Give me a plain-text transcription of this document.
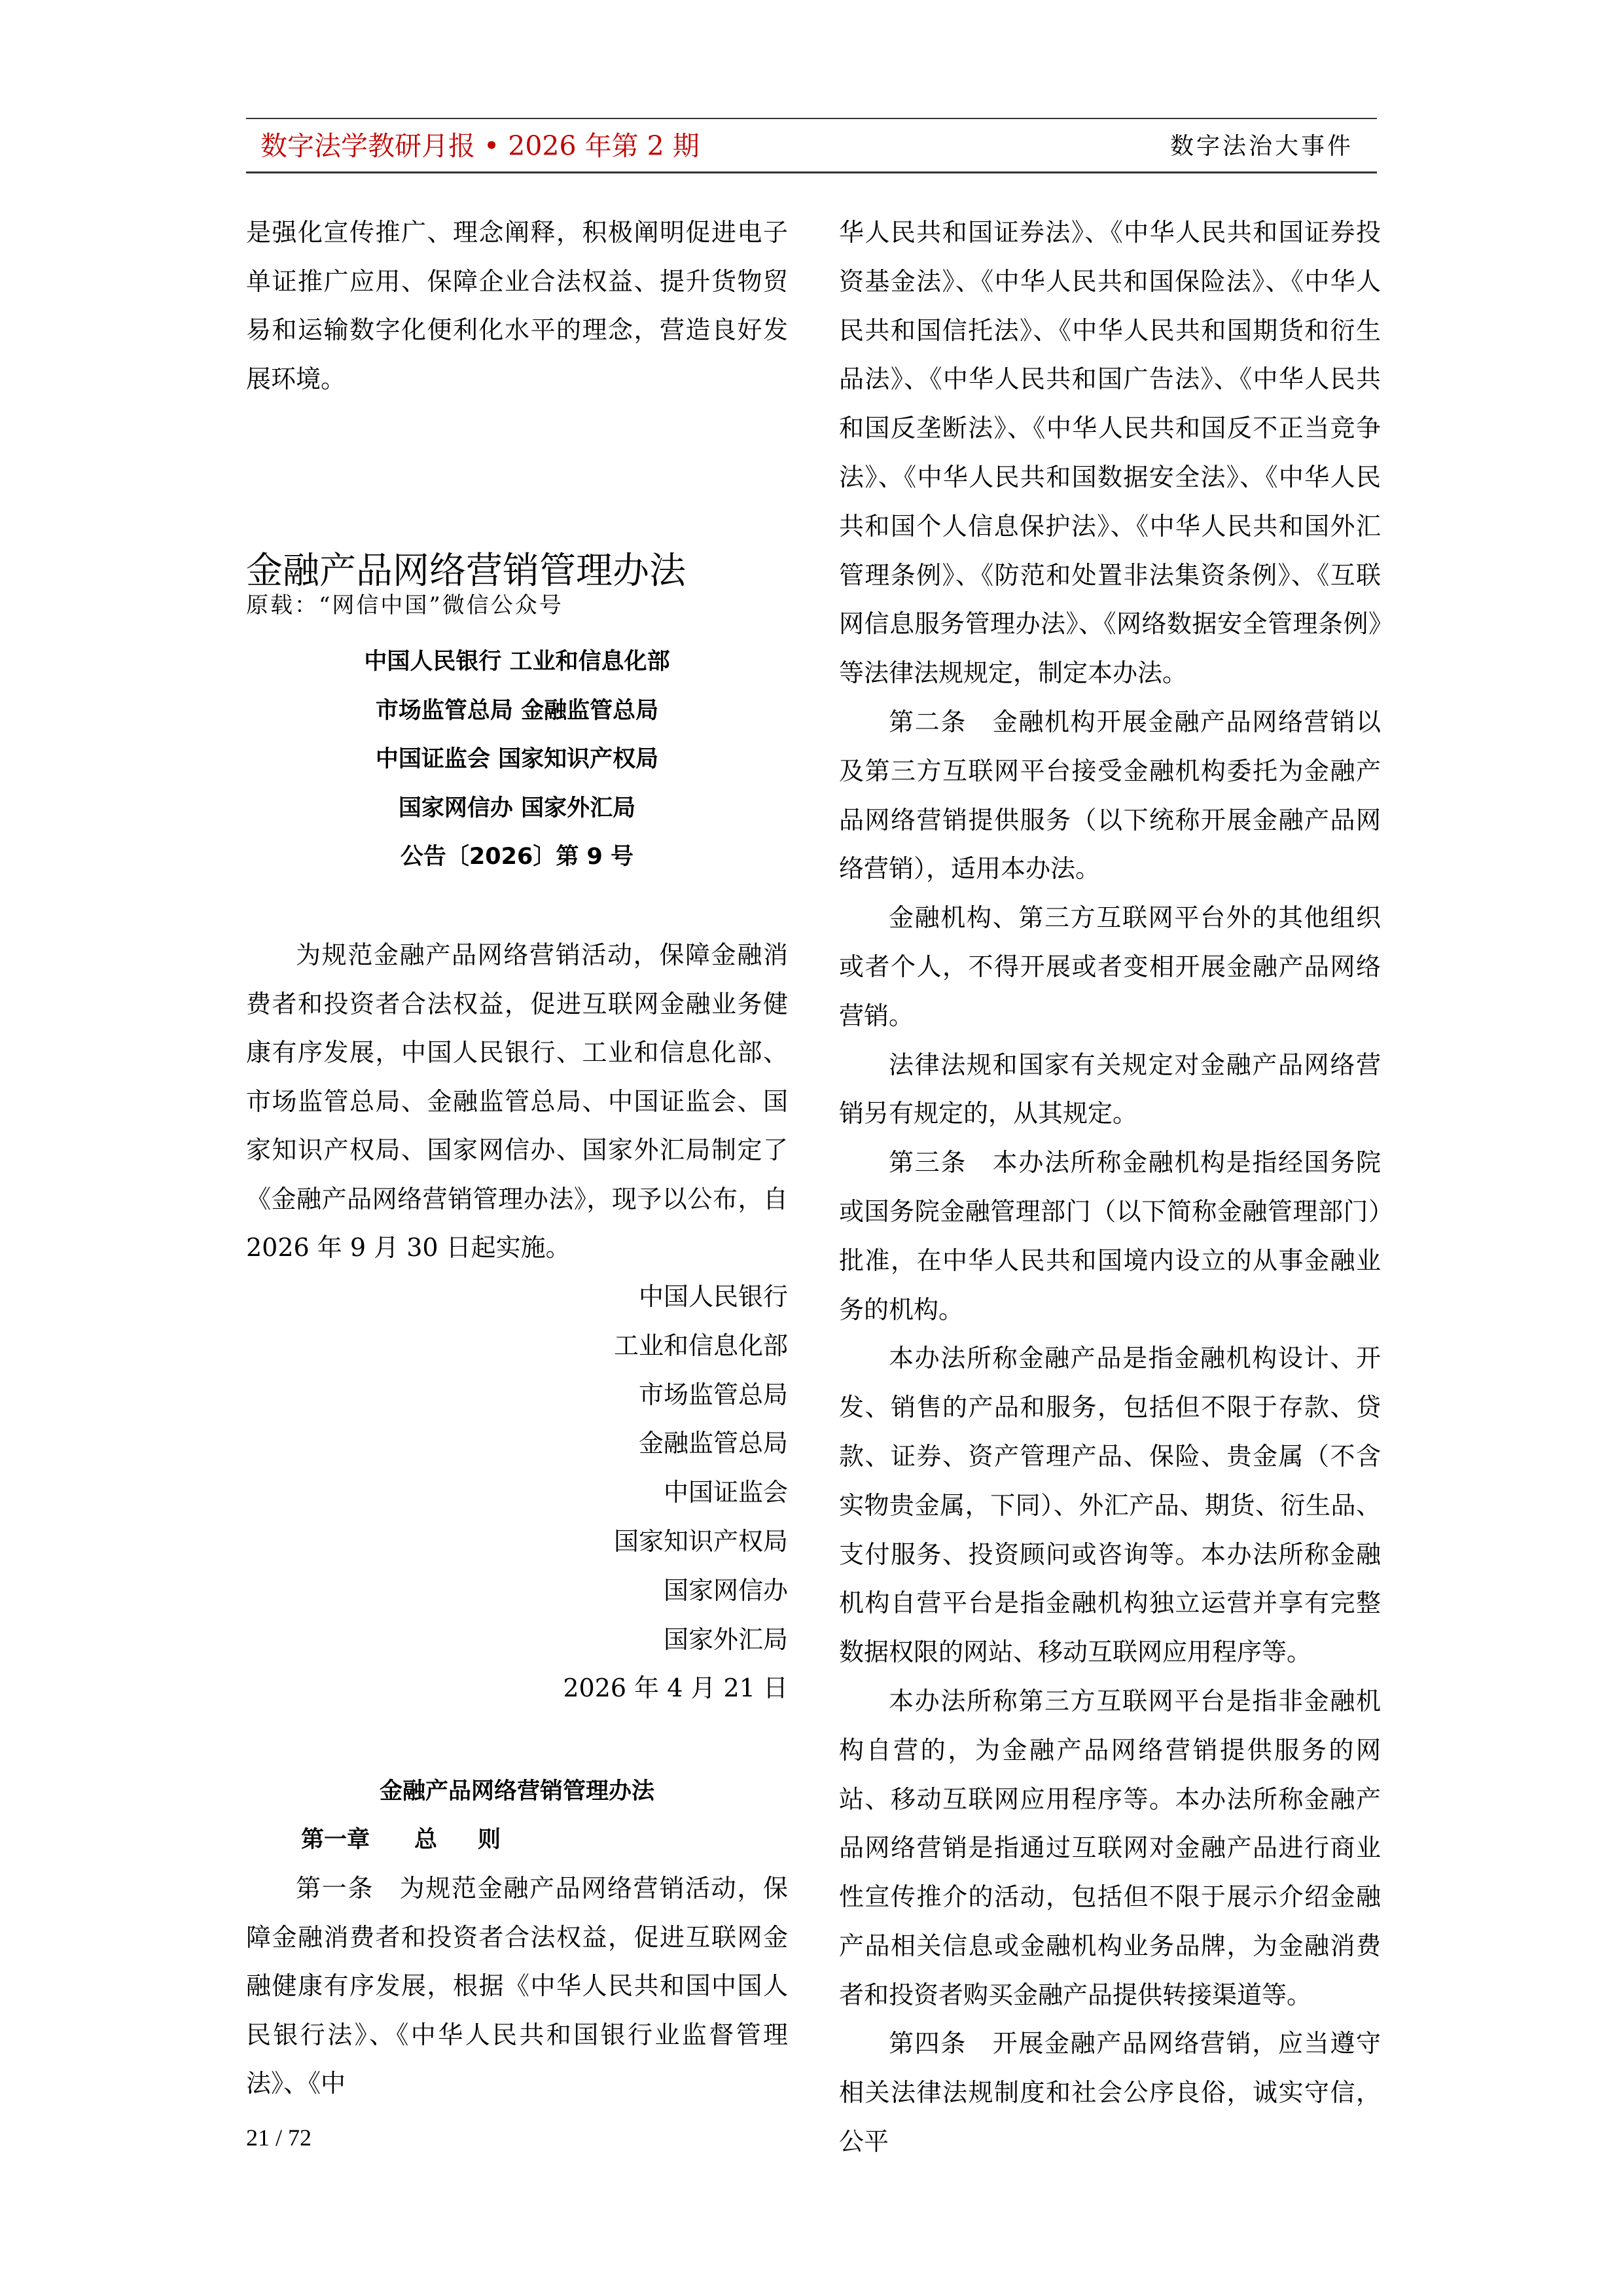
数字法学教研月报 • 2026 年第 2 期	数字法治大事件

是强化宣传推广、理念阐释，积极阐明促进电子单证推广应用、保障企业合法权益、提升货物贸易和运输数字化便利化水平的理念，营造良好发展环境。

金融产品网络营销管理办法
原载：“网信中国”微信公众号

中国人民银行 工业和信息化部

市场监管总局 金融监管总局

中国证监会 国家知识产权局

国家网信办 国家外汇局

公告〔2026〕第 9 号

为规范金融产品网络营销活动，保障金融消费者和投资者合法权益，促进互联网金融业务健康有序发展，中国人民银行、工业和信息化部、市场监管总局、金融监管总局、中国证监会、国家知识产权局、国家网信办、国家外汇局制定了《金融产品网络营销管理办法》，现予以公布，自 2026 年 9 月 30 日起实施。

中国人民银行

工业和信息化部

市场监管总局

金融监管总局

中国证监会

国家知识产权局

国家网信办

国家外汇局

2026 年 4 月 21 日

金融产品网络营销管理办法
第一章 总则

第一条　为规范金融产品网络营销活动，保障金融消费者和投资者合法权益，促进互联网金融健康有序发展，根据《中华人民共和国中国人民银行法》、《中华人民共和国银行业监督管理法》、《中

华人民共和国证券法》、《中华人民共和国证券投资基金法》、《中华人民共和国保险法》、《中华人民共和国信托法》、《中华人民共和国期货和衍生品法》、《中华人民共和国广告法》、《中华人民共和国反垄断法》、《中华人民共和国反不正当竞争法》、《中华人民共和国数据安全法》、《中华人民共和国个人信息保护法》、《中华人民共和国外汇管理条例》、《防范和处置非法集资条例》、《互联网信息服务管理办法》、《网络数据安全管理条例》等法律法规规定，制定本办法。

第二条　金融机构开展金融产品网络营销以及第三方互联网平台接受金融机构委托为金融产品网络营销提供服务（以下统称开展金融产品网络营销），适用本办法。

金融机构、第三方互联网平台外的其他组织或者个人，不得开展或者变相开展金融产品网络营销。

法律法规和国家有关规定对金融产品网络营销另有规定的，从其规定。

第三条　本办法所称金融机构是指经国务院或国务院金融管理部门（以下简称金融管理部门）批准，在中华人民共和国境内设立的从事金融业务的机构。

本办法所称金融产品是指金融机构设计、开发、销售的产品和服务，包括但不限于存款、贷款、证券、资产管理产品、保险、贵金属（不含实物贵金属，下同）、外汇产品、期货、衍生品、支付服务、投资顾问或咨询等。本办法所称金融机构自营平台是指金融机构独立运营并享有完整数据权限的网站、移动互联网应用程序等。

本办法所称第三方互联网平台是指非金融机构自营的，为金融产品网络营销提供服务的网站、移动互联网应用程序等。本办法所称金融产品网络营销是指通过互联网对金融产品进行商业性宣传推介的活动，包括但不限于展示介绍金融产品相关信息或金融机构业务品牌，为金融消费者和投资者购买金融产品提供转接渠道等。

第四条　开展金融产品网络营销，应当遵守相关法律法规制度和社会公序良俗，诚实守信，公平

21 / 72
